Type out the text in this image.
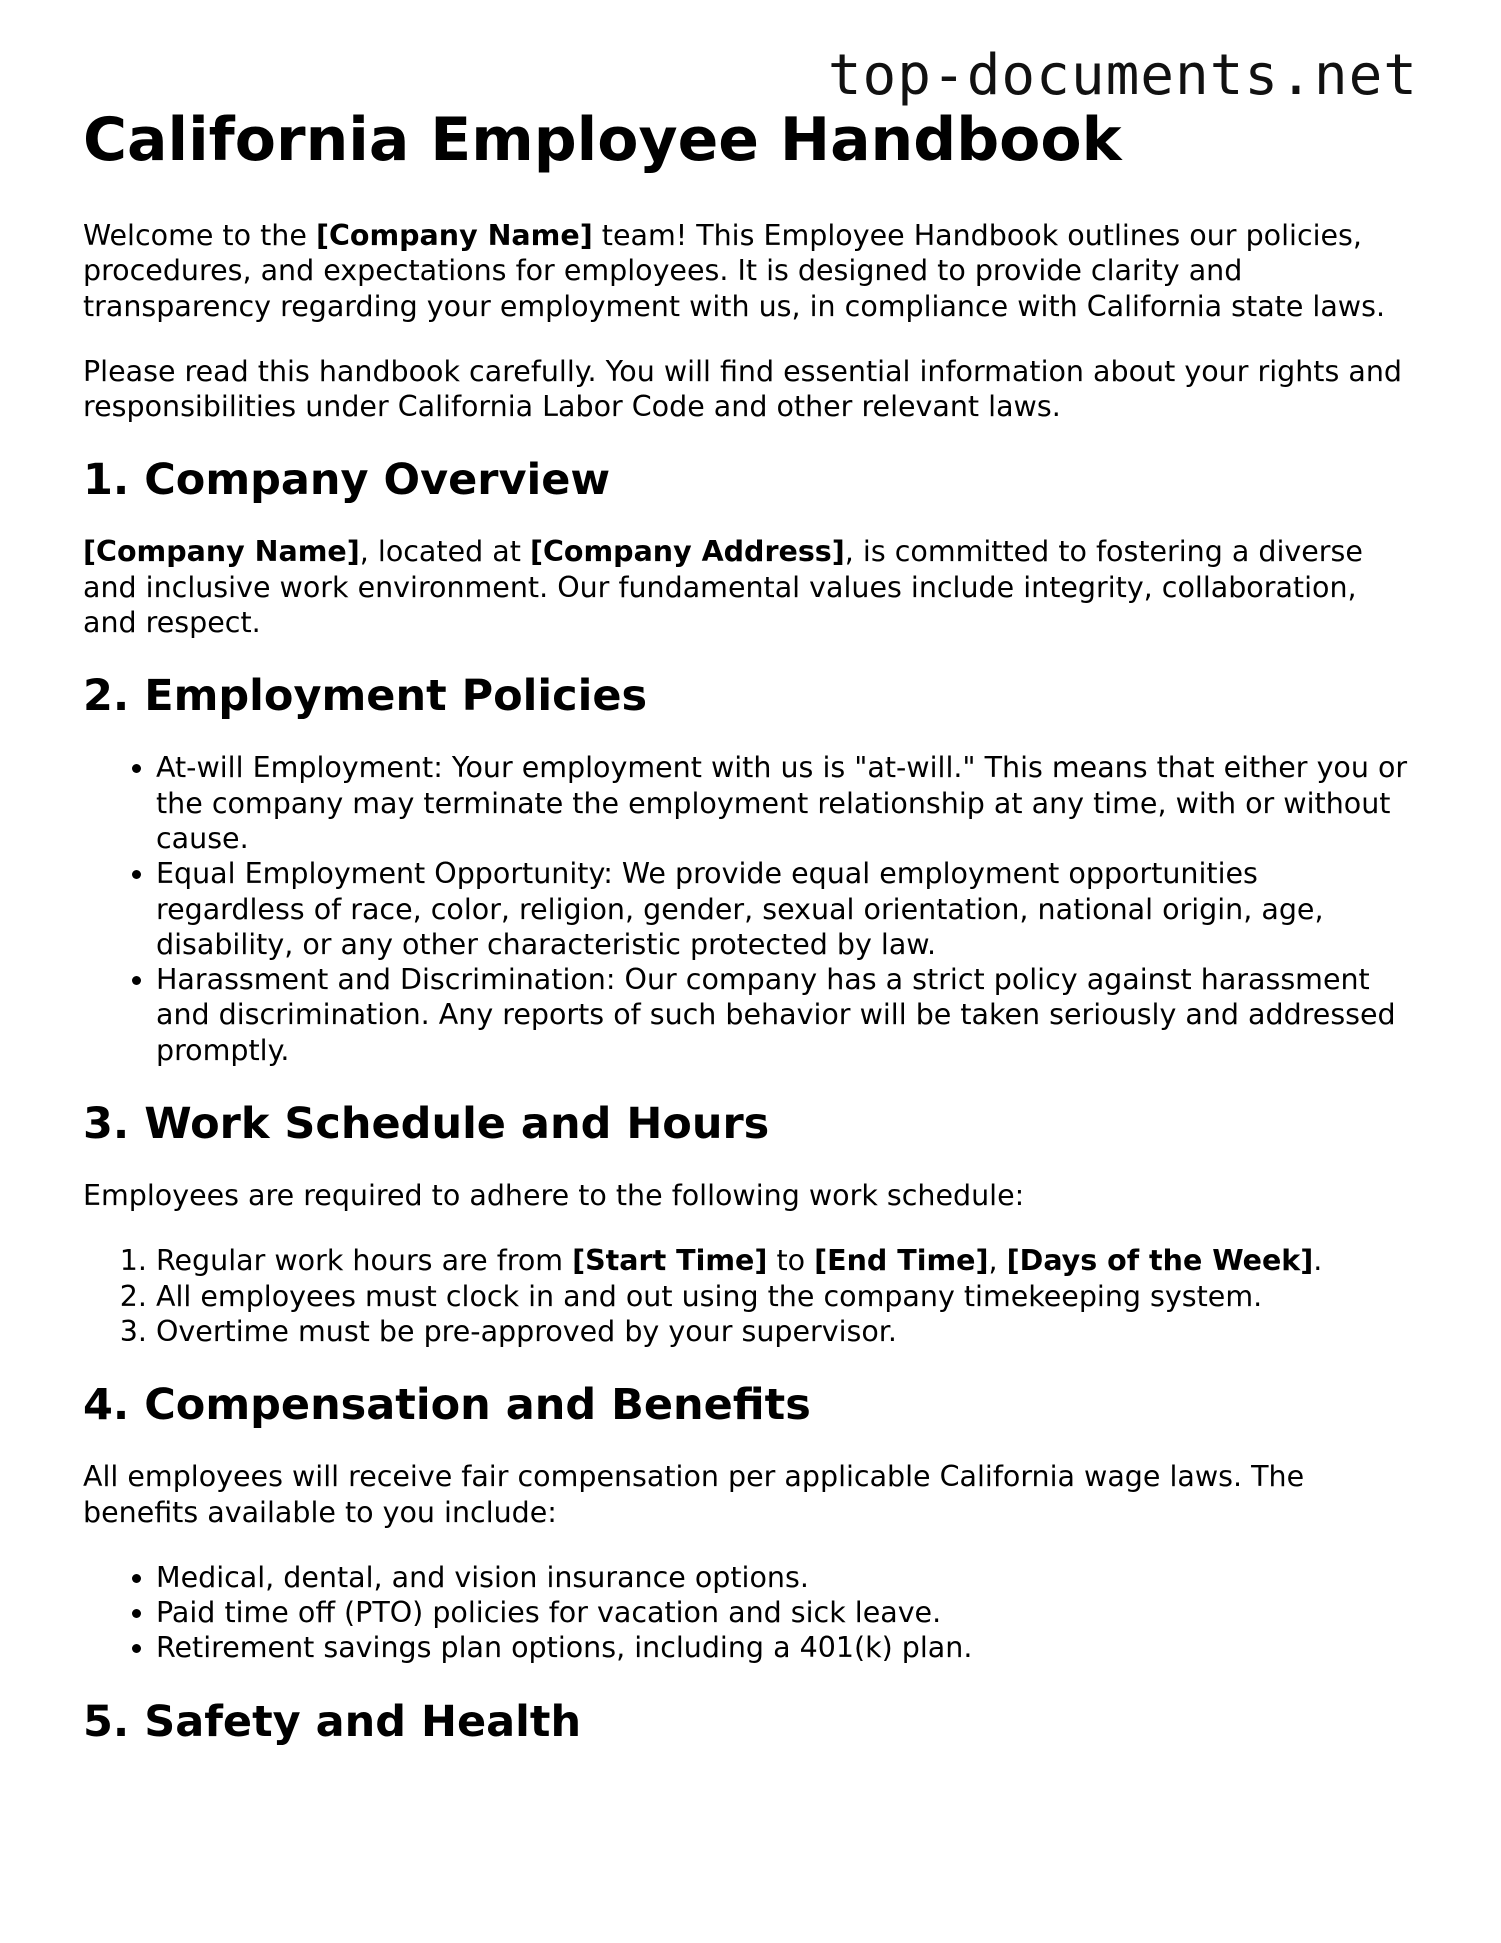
top-documents.net
California Employee Handbook

Welcome to the [Company Name] team! This Employee Handbook outlines our policies, procedures, and expectations for employees. It is designed to provide clarity and transparency regarding your employment with us, in compliance with California state laws.

Please read this handbook carefully. You will find essential information about your rights and responsibilities under California Labor Code and other relevant laws.

1. Company Overview

[Company Name], located at [Company Address], is committed to fostering a diverse and inclusive work environment. Our fundamental values include integrity, collaboration, and respect.

2. Employment Policies
• At-will Employment: Your employment with us is "at-will." This means that either you or the company may terminate the employment relationship at any time, with or without cause.
• Equal Employment Opportunity: We provide equal employment opportunities regardless of race, color, religion, gender, sexual orientation, national origin, age, disability, or any other characteristic protected by law.
• Harassment and Discrimination: Our company has a strict policy against harassment and discrimination. Any reports of such behavior will be taken seriously and addressed promptly.
3. Work Schedule and Hours

Employees are required to adhere to the following work schedule:

1. Regular work hours are from [Start Time] to [End Time], [Days of the Week].
2. All employees must clock in and out using the company timekeeping system.
3. Overtime must be pre-approved by your supervisor.
4. Compensation and Benefits

All employees will receive fair compensation per applicable California wage laws. The benefits available to you include:

• Medical, dental, and vision insurance options.
• Paid time off (PTO) policies for vacation and sick leave.
• Retirement savings plan options, including a 401(k) plan.
5. Safety and Health
